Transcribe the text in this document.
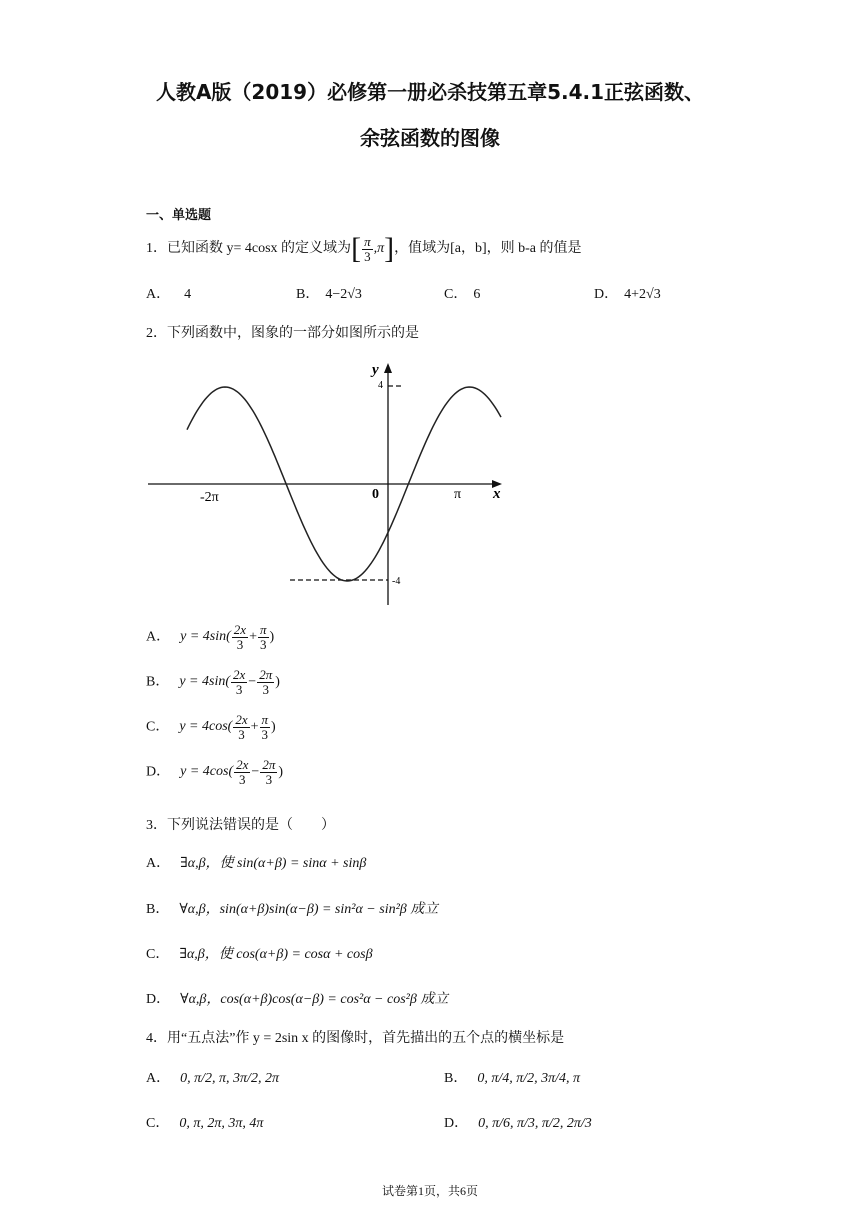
人教A版（2019）必修第一册必杀技第五章5.4.1正弦函数、
余弦函数的图像
一、单选题
1．已知函数 y= 4cosx 的定义域为[ $\frac{\pi}{3} ,\pi$]，值域为[a，b]，则 b-a 的值是
A． 4	B． 4−2√3	C． 6	D． 4+2√3
2．下列函数中，图象的一部分如图所示的是
y
4
-4
0
-2π	π x
A． $y = 4\sin( \frac{2x}{3} + \frac{\pi}{3}$ )
B． $y = 4\sin( \frac{2x}{3} - \frac{2\pi}{3}$ )
C． $y = 4\cos( \frac{2x}{3} + \frac{\pi}{3}$ )
D． $y = 4\cos( \frac{2x}{3} - \frac{2\pi}{3}$ )
3．下列说法错误的是（　　）
A． ∃α,β，使 sin(α+β) = sinα + sinβ
B． ∀α,β，sin(α+β)sin(α−β) = sin²α − sin²β 成立
C． ∃α,β，使 cos(α+β) = cosα + cosβ
D． ∀α,β，cos(α+β)cos(α−β) = cos²α − cos²β 成立
4．用“五点法”作 y = 2sin x 的图像时，首先描出的五个点的横坐标是
A． 0, π/2, π, 3π/2, 2π	B． 0, π/4, π/2, 3π/4, π
C． 0, π, 2π, 3π, 4π	D． 0, π/6, π/3, π/2, 2π/3
试卷第1页，共6页
